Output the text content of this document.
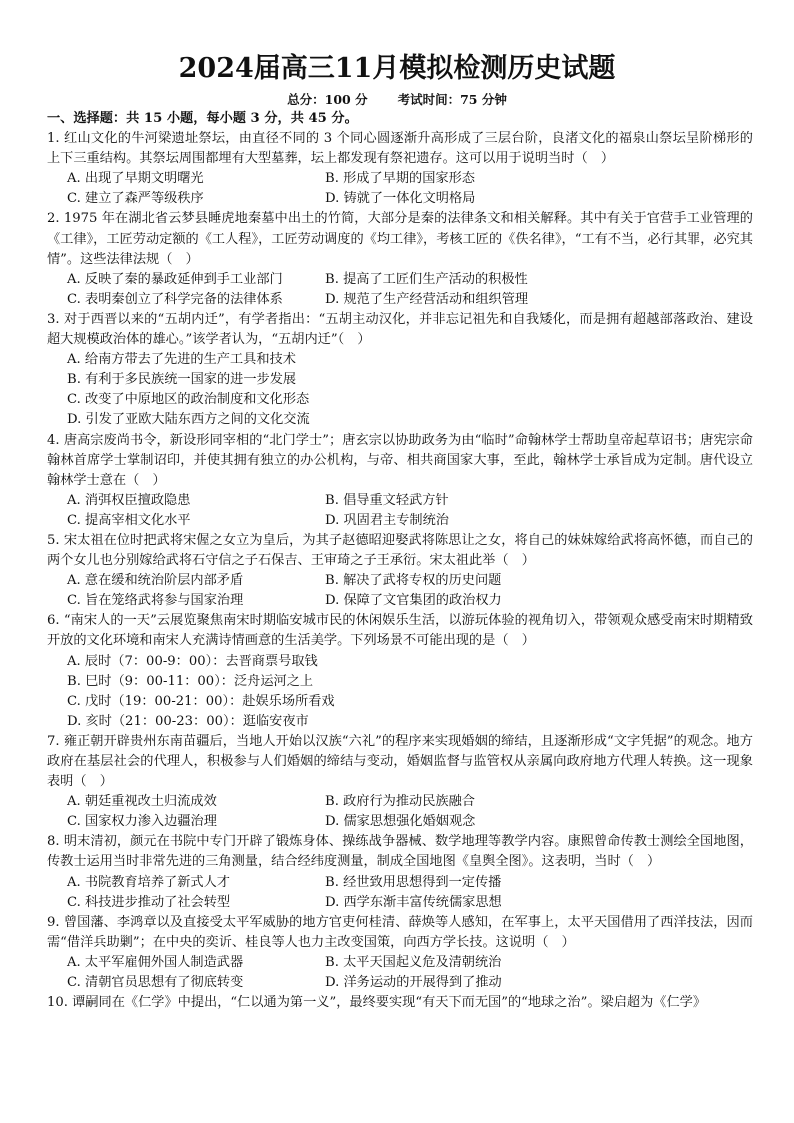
2024届高三11月模拟检测历史试题
总分：100 分 考试时间：75 分钟
一、选择题：共 15 小题，每小题 3 分，共 45 分。

1. 红山文化的牛河梁遗址祭坛，由直径不同的 3 个同心圆逐渐升高形成了三层台阶，良渚文化的福泉山祭坛呈阶梯形的上下三重结构。其祭坛周围都埋有大型墓葬，坛上都发现有祭祀遗存。这可以用于说明当时（　）

A. 出现了早期文明曙光	B. 形成了早期的国家形态
C. 建立了森严等级秩序	D. 铸就了一体化文明格局

2. 1975 年在湖北省云梦县睡虎地秦墓中出土的竹简，大部分是秦的法律条文和相关解释。其中有关于官营手工业管理的《工律》，工匠劳动定额的《工人程》，工匠劳动调度的《均工律》，考核工匠的《佚名律》，“工有不当，必行其罪，必究其情”。这些法律法规（　）

A. 反映了秦的暴政延伸到手工业部门	B. 提高了工匠们生产活动的积极性
C. 表明秦创立了科学完备的法律体系	D. 规范了生产经营活动和组织管理

3. 对于西晋以来的“五胡内迁”，有学者指出：“五胡主动汉化，并非忘记祖先和自我矮化，而是拥有超越部落政治、建设超大规模政治体的雄心。”该学者认为，“五胡内迁”（　）

A. 给南方带去了先进的生产工具和技术
B. 有利于多民族统一国家的进一步发展
C. 改变了中原地区的政治制度和文化形态
D. 引发了亚欧大陆东西方之间的文化交流

4. 唐高宗废尚书令，新设形同宰相的“北门学士”；唐玄宗以协助政务为由“临时”命翰林学士帮助皇帝起草诏书；唐宪宗命翰林首席学士掌制诏印，并使其拥有独立的办公机构，与帝、相共商国家大事，至此，翰林学士承旨成为定制。唐代设立翰林学士意在（　）

A. 消弭权臣擅政隐患	B. 倡导重文轻武方针
C. 提高宰相文化水平	D. 巩固君主专制统治

5. 宋太祖在位时把武将宋偓之女立为皇后，为其子赵德昭迎娶武将陈思让之女，将自己的妹妹嫁给武将高怀德，而自己的两个女儿也分别嫁给武将石守信之子石保吉、王审琦之子王承衍。宋太祖此举（　）

A. 意在缓和统治阶层内部矛盾	B. 解决了武将专权的历史问题
C. 旨在笼络武将参与国家治理	D. 保障了文官集团的政治权力

6. “南宋人的一天”云展览聚焦南宋时期临安城市民的休闲娱乐生活，以游玩体验的视角切入，带领观众感受南宋时期精致开放的文化环境和南宋人充满诗情画意的生活美学。下列场景不可能出现的是（　）

A. 辰时（7：00-9：00）：去晋商票号取钱
B. 巳时（9：00-11：00）：泛舟运河之上
C. 戊时（19：00-21：00）：赴娱乐场所看戏
D. 亥时（21：00-23：00）：逛临安夜市

7. 雍正朝开辟贵州东南苗疆后，当地人开始以汉族“六礼”的程序来实现婚姻的缔结，且逐渐形成“文字凭据”的观念。地方政府在基层社会的代理人，积极参与人们婚姻的缔结与变动，婚姻监督与监管权从亲属向政府地方代理人转换。这一现象表明（　）

A. 朝廷重视改土归流成效	B. 政府行为推动民族融合
C. 国家权力渗入边疆治理	D. 儒家思想强化婚姻观念

8. 明末清初，颜元在书院中专门开辟了锻炼身体、操练战争器械、数学地理等教学内容。康熙曾命传教士测绘全国地图，传教士运用当时非常先进的三角测量，结合经纬度测量，制成全国地图《皇舆全图》。这表明，当时（　）

A. 书院教育培养了新式人才	B. 经世致用思想得到一定传播
C. 科技进步推动了社会转型	D. 西学东渐丰富传统儒家思想

9. 曾国藩、李鸿章以及直接受太平军威胁的地方官吏何桂清、薛焕等人感知，在军事上，太平天国借用了西洋技法，因而需“借洋兵助剿”；在中央的奕䜣、桂良等人也力主改变国策，向西方学长技。这说明（　）

A. 太平军雇佣外国人制造武器	B. 太平天国起义危及清朝统治
C. 清朝官员思想有了彻底转变	D. 洋务运动的开展得到了推动

10. 谭嗣同在《仁学》中提出，“仁以通为第一义”，最终要实现“有天下而无国”的“地球之治”。梁启超为《仁学》
